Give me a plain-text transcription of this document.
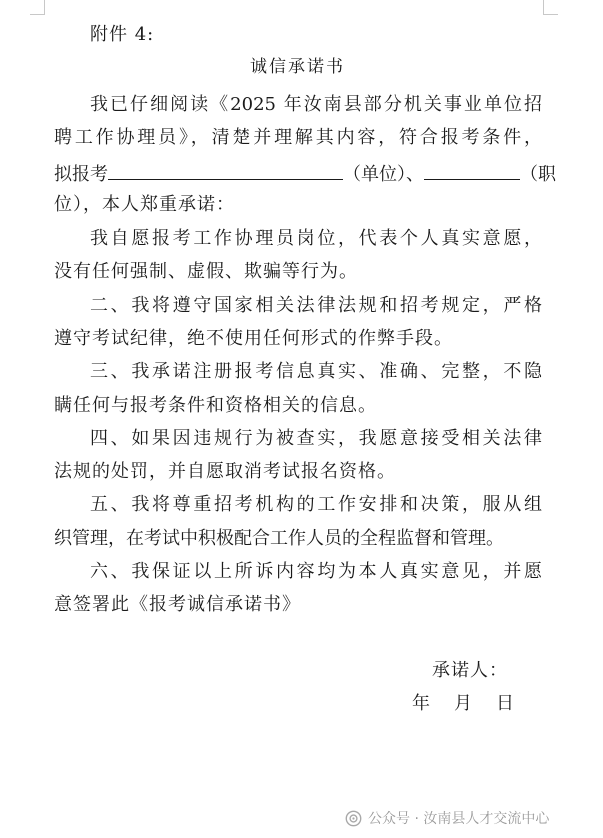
附件 4:
诚信承诺书
我已仔细阅读《2025 年汝南县部分机关事业单位招
聘工作协理员》，清楚并理解其内容，符合报考条件，
拟报考	（单位）、	（职
位），本人郑重承诺：
我自愿报考工作协理员岗位，代表个人真实意愿，
没有任何强制、虚假、欺骗等行为。
二、我将遵守国家相关法律法规和招考规定，严格
遵守考试纪律，绝不使用任何形式的作弊手段。
三、我承诺注册报考信息真实、准确、完整，不隐
瞒任何与报考条件和资格相关的信息。
四、如果因违规行为被查实，我愿意接受相关法律
法规的处罚，并自愿取消考试报名资格。
五、我将尊重招考机构的工作安排和决策，服从组
织管理，在考试中积极配合工作人员的全程监督和管理。
六、我保证以上所诉内容均为本人真实意见，并愿
意签署此《报考诚信承诺书》
承诺人：
年　月　日
公众号 · 汝南县人才交流中心
